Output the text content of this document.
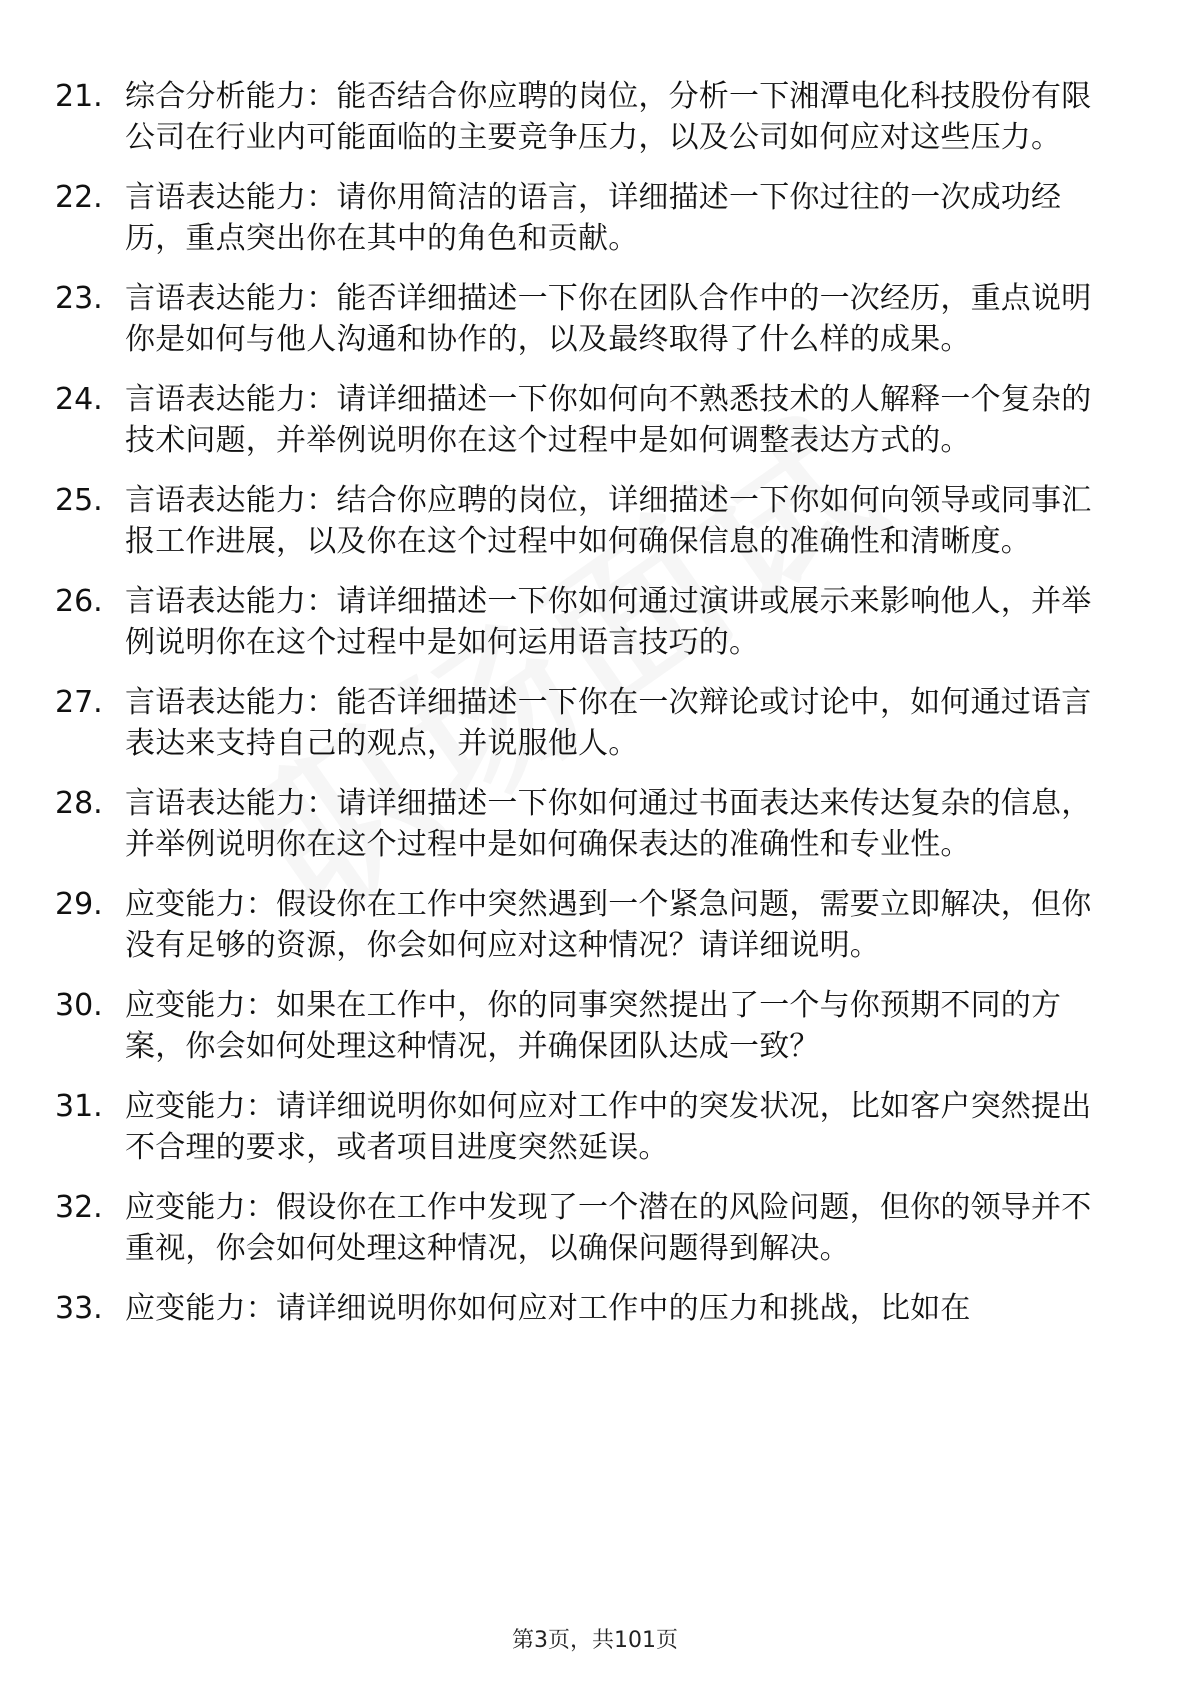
21. 综合分析能力：能否结合你应聘的岗位，分析一下湘潭电化科技股份有限公司在行业内可能面临的主要竞争压力，以及公司如何应对这些压力。
22. 言语表达能力：请你用简洁的语言，详细描述一下你过往的一次成功经历，重点突出你在其中的角色和贡献。
23. 言语表达能力：能否详细描述一下你在团队合作中的一次经历，重点说明你是如何与他人沟通和协作的，以及最终取得了什么样的成果。
24. 言语表达能力：请详细描述一下你如何向不熟悉技术的人解释一个复杂的技术问题，并举例说明你在这个过程中是如何调整表达方式的。
25. 言语表达能力：结合你应聘的岗位，详细描述一下你如何向领导或同事汇报工作进展，以及你在这个过程中如何确保信息的准确性和清晰度。
26. 言语表达能力：请详细描述一下你如何通过演讲或展示来影响他人，并举例说明你在这个过程中是如何运用语言技巧的。
27. 言语表达能力：能否详细描述一下你在一次辩论或讨论中，如何通过语言表达来支持自己的观点，并说服他人。
28. 言语表达能力：请详细描述一下你如何通过书面表达来传达复杂的信息，并举例说明你在这个过程中是如何确保表达的准确性和专业性。
29. 应变能力：假设你在工作中突然遇到一个紧急问题，需要立即解决，但你没有足够的资源，你会如何应对这种情况？请详细说明。
30. 应变能力：如果在工作中，你的同事突然提出了一个与你预期不同的方案，你会如何处理这种情况，并确保团队达成一致？
31. 应变能力：请详细说明你如何应对工作中的突发状况，比如客户突然提出不合理的要求，或者项目进度突然延误。
32. 应变能力：假设你在工作中发现了一个潜在的风险问题，但你的领导并不重视，你会如何处理这种情况，以确保问题得到解决。
33. 应变能力：请详细说明你如何应对工作中的压力和挑战，比如在
第3页，共101页
